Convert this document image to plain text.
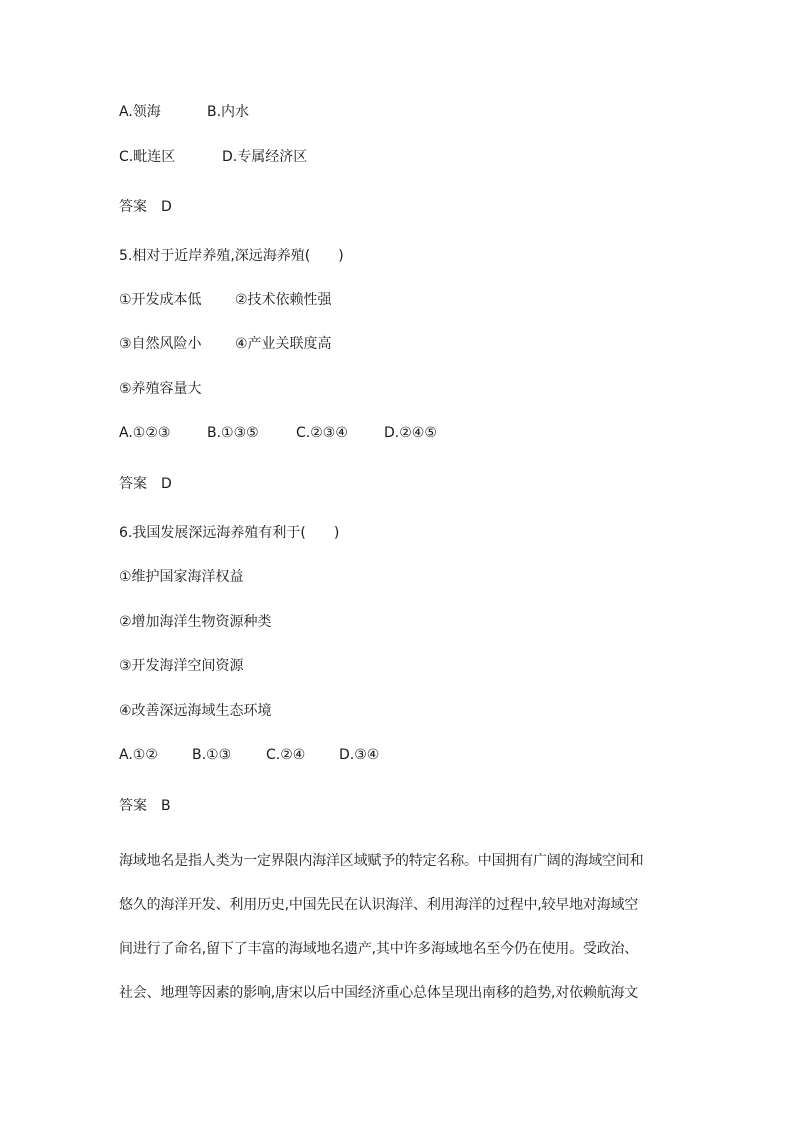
A.领海	B.内水
C.毗连区	D.专属经济区
答案　D
5.相对于近岸养殖,深远海养殖(　　)
①开发成本低 ②技术依赖性强
③自然风险小 ④产业关联度高
⑤养殖容量大
A.①②③	B.①③⑤	C.②③④	D.②④⑤
答案　D
6.我国发展深远海养殖有利于(　　)
①维护国家海洋权益
②增加海洋生物资源种类
③开发海洋空间资源
④改善深远海域生态环境
A.①② B.①③ C.②④ D.③④
答案　B
海域地名是指人类为一定界限内海洋区域赋予的特定名称。中国拥有广阔的海域空间和
悠久的海洋开发、利用历史,中国先民在认识海洋、利用海洋的过程中,较早地对海域空
间进行了命名,留下了丰富的海域地名遗产,其中许多海域地名至今仍在使用。受政治、
社会、地理等因素的影响,唐宋以后中国经济重心总体呈现出南移的趋势,对依赖航海文
